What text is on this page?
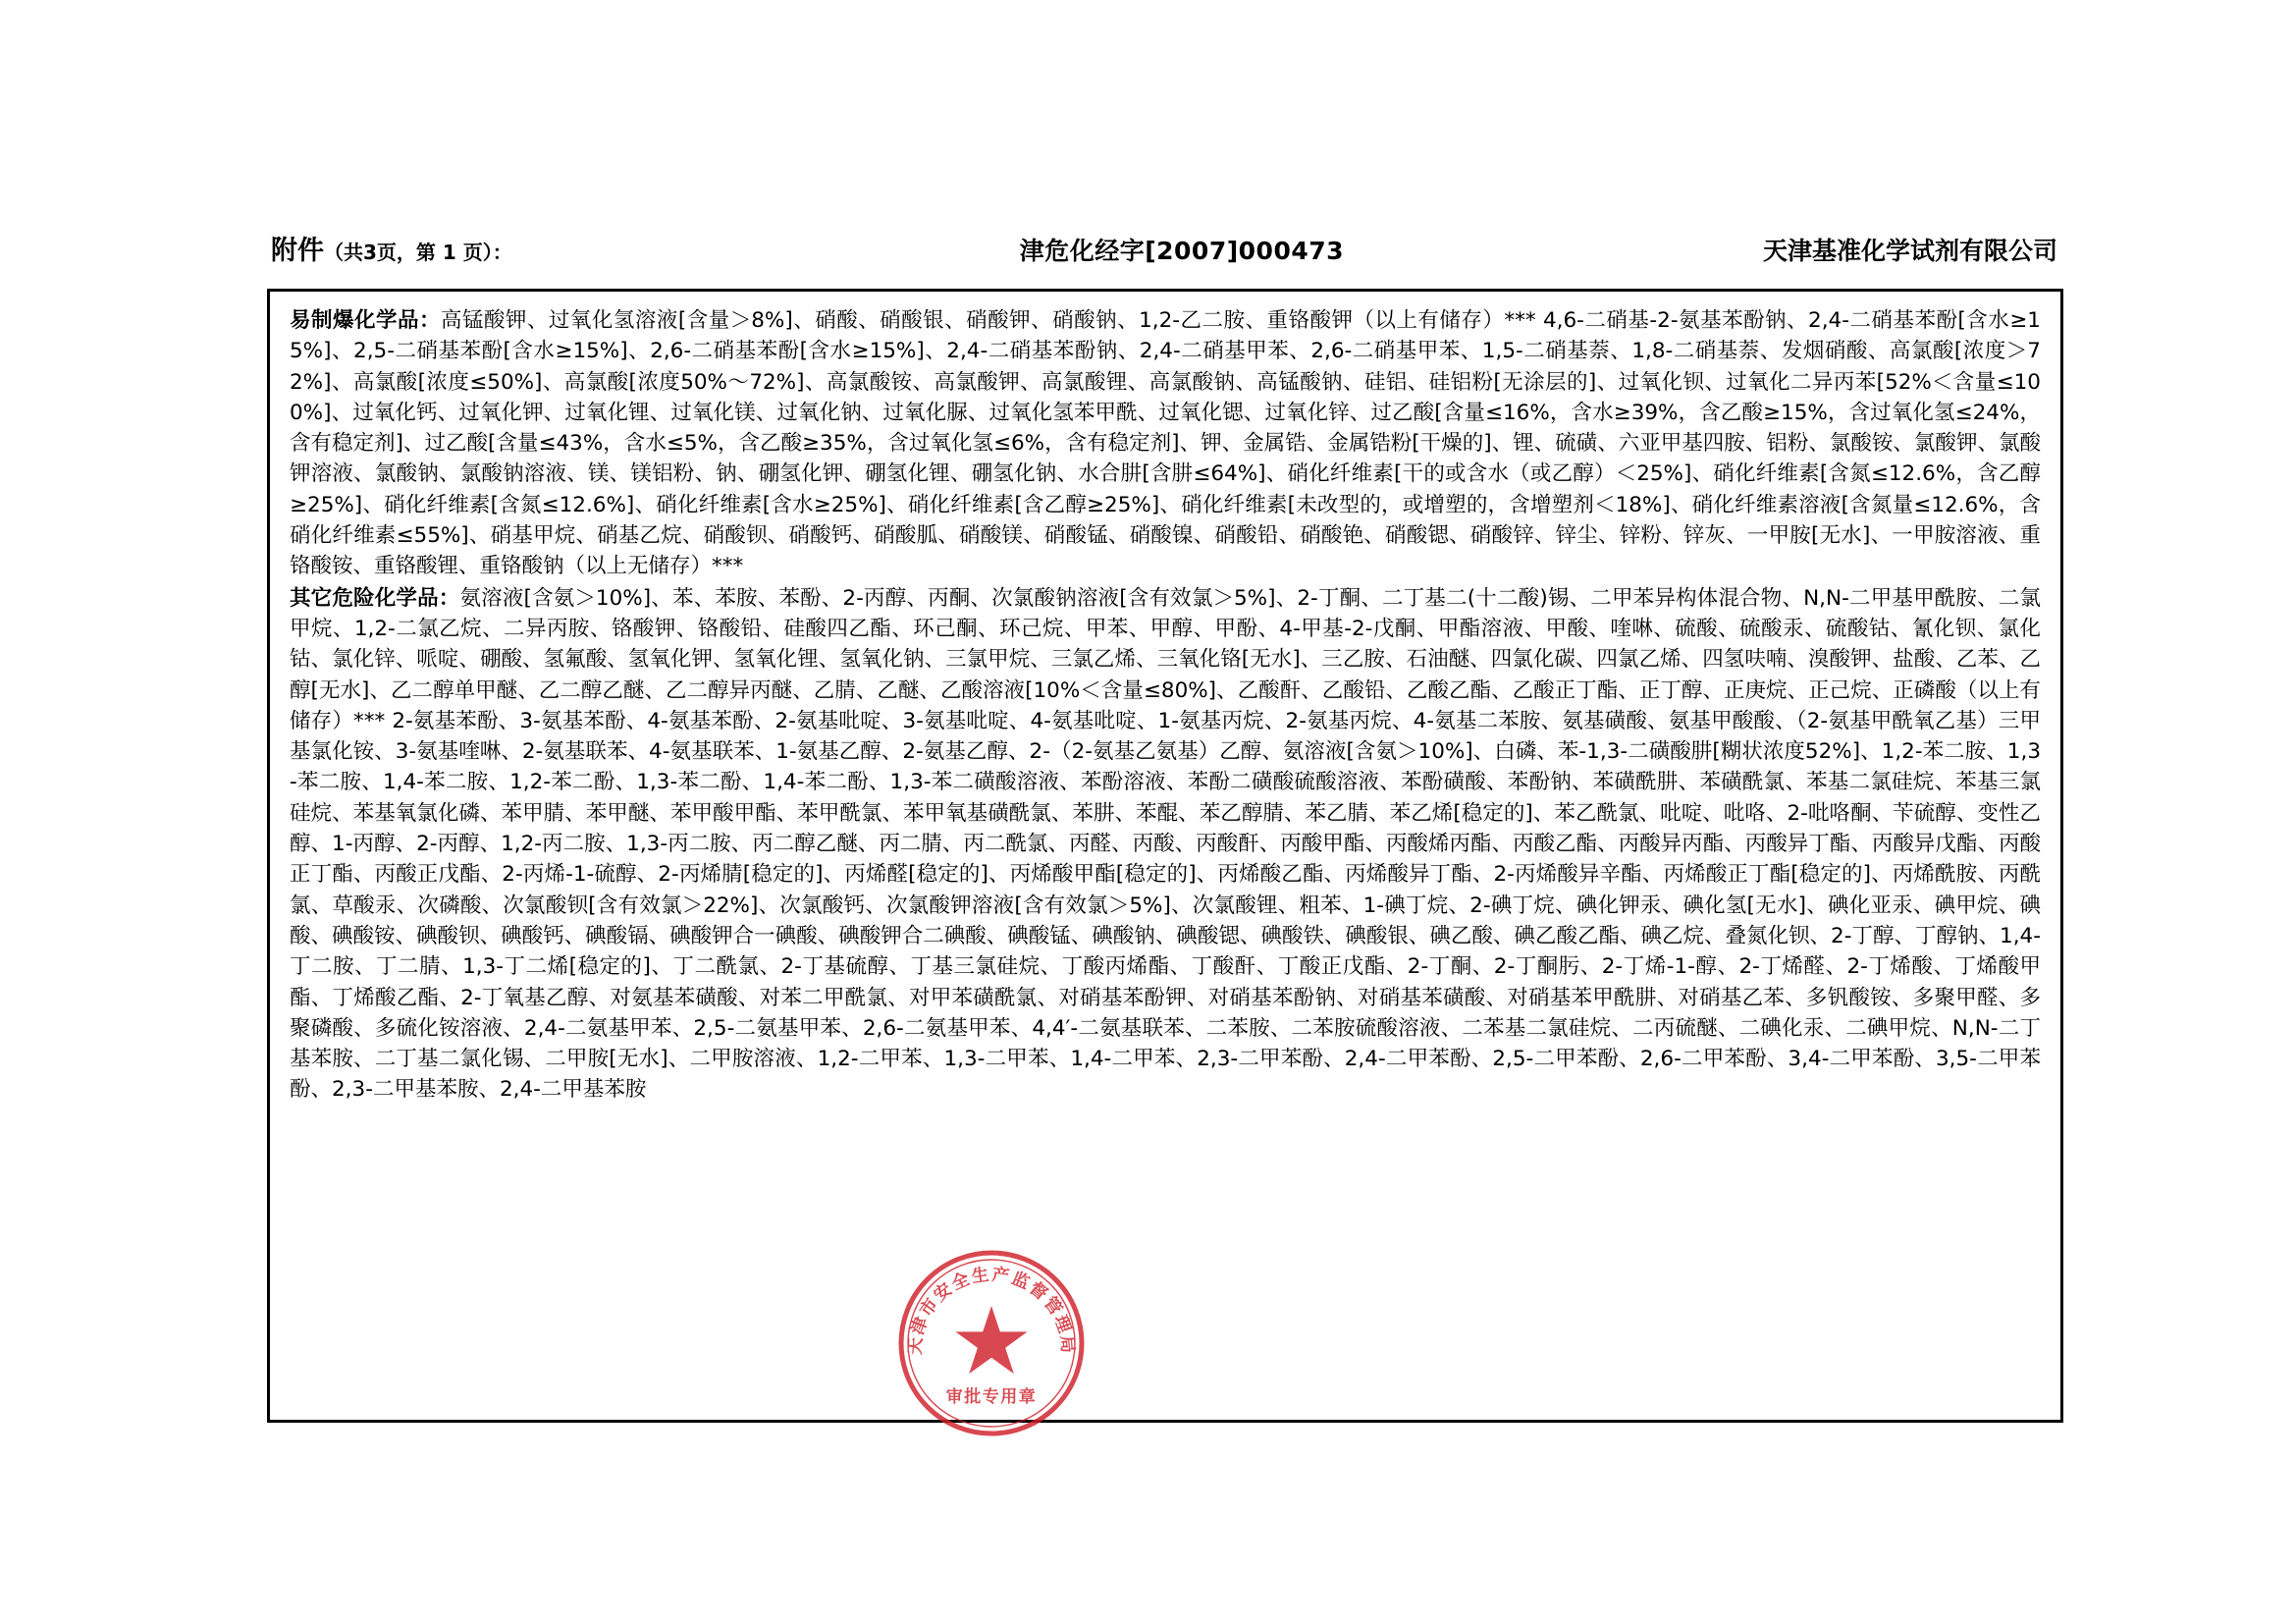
附件（共3页，第 1 页）：	津危化经字[2007]000473	天津基准化学试剂有限公司
易制爆化学品：高锰酸钾、过氧化氢溶液[含量＞8%]、硝酸、硝酸银、硝酸钾、硝酸钠、1,2-乙二胺、重铬酸钾（以上有储存）*** 4,6-二硝基-2-氨基苯酚钠、2,4-二硝基苯酚[含水≥15%]、2,5-二硝基苯酚[含水≥15%]、2,6-二硝基苯酚[含水≥15%]、2,4-二硝基苯酚钠、2,4-二硝基甲苯、2,6-二硝基甲苯、1,5-二硝基萘、1,8-二硝基萘、发烟硝酸、高氯酸[浓度＞72%]、高氯酸[浓度≤50%]、高氯酸[浓度50%～72%]、高氯酸铵、高氯酸钾、高氯酸锂、高氯酸钠、高锰酸钠、硅铝、硅铝粉[无涂层的]、过氧化钡、过氧化二异丙苯[52%＜含量≤100%]、过氧化钙、过氧化钾、过氧化锂、过氧化镁、过氧化钠、过氧化脲、过氧化氢苯甲酰、过氧化锶、过氧化锌、过乙酸[含量≤16%，含水≥39%，含乙酸≥15%，含过氧化氢≤24%，含有稳定剂]、过乙酸[含量≤43%，含水≤5%，含乙酸≥35%，含过氧化氢≤6%，含有稳定剂]、钾、金属锆、金属锆粉[干燥的]、锂、硫磺、六亚甲基四胺、铝粉、氯酸铵、氯酸钾、氯酸钾溶液、氯酸钠、氯酸钠溶液、镁、镁铝粉、钠、硼氢化钾、硼氢化锂、硼氢化钠、水合肼[含肼≤64%]、硝化纤维素[干的或含水（或乙醇）＜25%]、硝化纤维素[含氮≤12.6%，含乙醇≥25%]、硝化纤维素[含氮≤12.6%]、硝化纤维素[含水≥25%]、硝化纤维素[含乙醇≥25%]、硝化纤维素[未改型的，或增塑的，含增塑剂＜18%]、硝化纤维素溶液[含氮量≤12.6%，含硝化纤维素≤55%]、硝基甲烷、硝基乙烷、硝酸钡、硝酸钙、硝酸胍、硝酸镁、硝酸锰、硝酸镍、硝酸铅、硝酸铯、硝酸锶、硝酸锌、锌尘、锌粉、锌灰、一甲胺[无水]、一甲胺溶液、重铬酸铵、重铬酸锂、重铬酸钠（以上无储存）***
其它危险化学品：氨溶液[含氨＞10%]、苯、苯胺、苯酚、2-丙醇、丙酮、次氯酸钠溶液[含有效氯＞5%]、2-丁酮、二丁基二(十二酸)锡、二甲苯异构体混合物、N,N-二甲基甲酰胺、二氯甲烷、1,2-二氯乙烷、二异丙胺、铬酸钾、铬酸铅、硅酸四乙酯、环己酮、环己烷、甲苯、甲醇、甲酚、4-甲基-2-戊酮、甲酯溶液、甲酸、喹啉、硫酸、硫酸汞、硫酸钴、氰化钡、氯化钴、氯化锌、哌啶、硼酸、氢氟酸、氢氧化钾、氢氧化锂、氢氧化钠、三氯甲烷、三氯乙烯、三氧化铬[无水]、三乙胺、石油醚、四氯化碳、四氯乙烯、四氢呋喃、溴酸钾、盐酸、乙苯、乙醇[无水]、乙二醇单甲醚、乙二醇乙醚、乙二醇异丙醚、乙腈、乙醚、乙酸溶液[10%＜含量≤80%]、乙酸酐、乙酸铅、乙酸乙酯、乙酸正丁酯、正丁醇、正庚烷、正己烷、正磷酸（以上有储存）*** 2-氨基苯酚、3-氨基苯酚、4-氨基苯酚、2-氨基吡啶、3-氨基吡啶、4-氨基吡啶、1-氨基丙烷、2-氨基丙烷、4-氨基二苯胺、氨基磺酸、氨基甲酸酸、（2-氨基甲酰氧乙基）三甲基氯化铵、3-氨基喹啉、2-氨基联苯、4-氨基联苯、1-氨基乙醇、2-氨基乙醇、2-（2-氨基乙氨基）乙醇、氨溶液[含氨＞10%]、白磷、苯-1,3-二磺酸肼[糊状浓度52%]、1,2-苯二胺、1,3-苯二胺、1,4-苯二胺、1,2-苯二酚、1,3-苯二酚、1,4-苯二酚、1,3-苯二磺酸溶液、苯酚溶液、苯酚二磺酸硫酸溶液、苯酚磺酸、苯酚钠、苯磺酰肼、苯磺酰氯、苯基二氯硅烷、苯基三氯硅烷、苯基氧氯化磷、苯甲腈、苯甲醚、苯甲酸甲酯、苯甲酰氯、苯甲氧基磺酰氯、苯肼、苯醌、苯乙醇腈、苯乙腈、苯乙烯[稳定的]、苯乙酰氯、吡啶、吡咯、2-吡咯酮、苄硫醇、变性乙醇、1-丙醇、2-丙醇、1,2-丙二胺、1,3-丙二胺、丙二醇乙醚、丙二腈、丙二酰氯、丙醛、丙酸、丙酸酐、丙酸甲酯、丙酸烯丙酯、丙酸乙酯、丙酸异丙酯、丙酸异丁酯、丙酸异戊酯、丙酸正丁酯、丙酸正戊酯、2-丙烯-1-硫醇、2-丙烯腈[稳定的]、丙烯醛[稳定的]、丙烯酸甲酯[稳定的]、丙烯酸乙酯、丙烯酸异丁酯、2-丙烯酸异辛酯、丙烯酸正丁酯[稳定的]、丙烯酰胺、丙酰氯、草酸汞、次磷酸、次氯酸钡[含有效氯＞22%]、次氯酸钙、次氯酸钾溶液[含有效氯＞5%]、次氯酸锂、粗苯、1-碘丁烷、2-碘丁烷、碘化钾汞、碘化氢[无水]、碘化亚汞、碘甲烷、碘酸、碘酸铵、碘酸钡、碘酸钙、碘酸镉、碘酸钾合一碘酸、碘酸钾合二碘酸、碘酸锰、碘酸钠、碘酸锶、碘酸铁、碘酸银、碘乙酸、碘乙酸乙酯、碘乙烷、叠氮化钡、2-丁醇、丁醇钠、1,4-丁二胺、丁二腈、1,3-丁二烯[稳定的]、丁二酰氯、2-丁基硫醇、丁基三氯硅烷、丁酸丙烯酯、丁酸酐、丁酸正戊酯、2-丁酮、2-丁酮肟、2-丁烯-1-醇、2-丁烯醛、2-丁烯酸、丁烯酸甲酯、丁烯酸乙酯、2-丁氧基乙醇、对氨基苯磺酸、对苯二甲酰氯、对甲苯磺酰氯、对硝基苯酚钾、对硝基苯酚钠、对硝基苯磺酸、对硝基苯甲酰肼、对硝基乙苯、多钒酸铵、多聚甲醛、多聚磷酸、多硫化铵溶液、2,4-二氨基甲苯、2,5-二氨基甲苯、2,6-二氨基甲苯、4,4′-二氨基联苯、二苯胺、二苯胺硫酸溶液、二苯基二氯硅烷、二丙硫醚、二碘化汞、二碘甲烷、N,N-二丁基苯胺、二丁基二氯化锡、二甲胺[无水]、二甲胺溶液、1,2-二甲苯、1,3-二甲苯、1,4-二甲苯、2,3-二甲苯酚、2,4-二甲苯酚、2,5-二甲苯酚、2,6-二甲苯酚、3,4-二甲苯酚、3,5-二甲苯酚、2,3-二甲基苯胺、2,4-二甲基苯胺
天津市安全生产监督管理局
审批专用章
